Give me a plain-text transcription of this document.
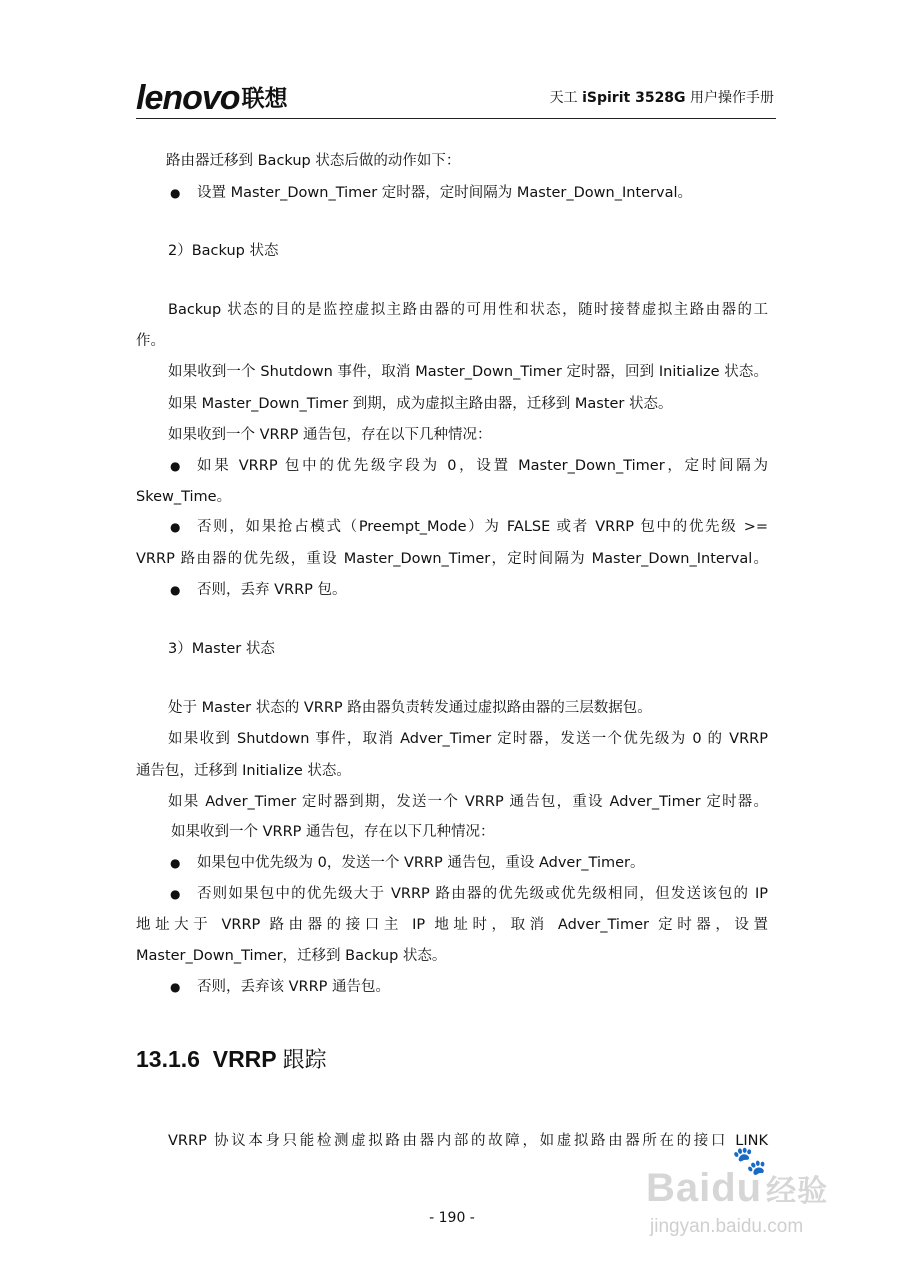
lenovo联想	天工 iSpirit 3528G 用户操作手册
路由器迁移到 Backup 状态后做的动作如下：
● 设置 Master_Down_Timer 定时器，定时间隔为 Master_Down_Interval。
2）Backup 状态
Backup 状态的目的是监控虚拟主路由器的可用性和状态，随时接替虚拟主路由器的工
作。
如果收到一个 Shutdown 事件，取消 Master_Down_Timer 定时器，回到 Initialize 状态。
如果 Master_Down_Timer 到期，成为虚拟主路由器，迁移到 Master 状态。
如果收到一个 VRRP 通告包，存在以下几种情况：
● 如果 VRRP 包中的优先级字段为 0，设置 Master_Down_Timer，定时间隔为
Skew_Time。
● 否则，如果抢占模式（Preempt_Mode）为 FALSE 或者 VRRP 包中的优先级 >=
VRRP 路由器的优先级，重设 Master_Down_Timer，定时间隔为 Master_Down_Interval。
● 否则，丢弃 VRRP 包。
3）Master 状态
处于 Master 状态的 VRRP 路由器负责转发通过虚拟路由器的三层数据包。
如果收到 Shutdown 事件，取消 Adver_Timer 定时器，发送一个优先级为 0 的 VRRP
通告包，迁移到 Initialize 状态。
如果 Adver_Timer 定时器到期，发送一个 VRRP 通告包，重设 Adver_Timer 定时器。
如果收到一个 VRRP 通告包，存在以下几种情况：
● 如果包中优先级为 0，发送一个 VRRP 通告包，重设 Adver_Timer。
● 否则如果包中的优先级大于 VRRP 路由器的优先级或优先级相同，但发送该包的 IP
地址大于 VRRP 路由器的接口主 IP 地址时，取消 Adver_Timer 定时器，设置
Master_Down_Timer，迁移到 Backup 状态。
● 否则，丢弃该 VRRP 通告包。
13.1.6 VRRP 跟踪
VRRP 协议本身只能检测虚拟路由器内部的故障，如虚拟路由器所在的接口 LINK
- 190 -
🐾
Baidu 经验
jingyan.baidu.com
